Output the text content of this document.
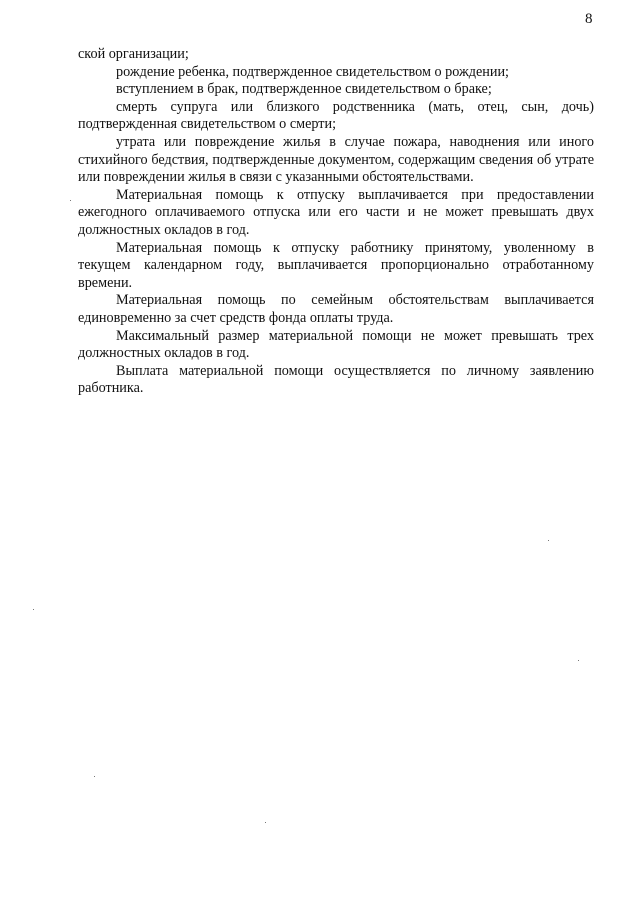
8

ской организации;

рождение ребенка, подтвержденное свидетельством о рождении;

вступлением в брак, подтвержденное свидетельством о браке;

смерть супруга или близкого родственника (мать, отец, сын, дочь) подтвержденная свидетельством о смерти;

утрата или повреждение жилья в случае пожара, наводнения или иного стихийного бедствия, подтвержденные документом, содержащим сведения об утрате или повреждении жилья в связи с указанными обстоятельствами.

Материальная помощь к отпуску выплачивается при предоставлении ежегодного оплачиваемого отпуска или его части и не может превышать двух должностных окладов в год.

Материальная помощь к отпуску работнику принятому, уволенному в текущем календарном году, выплачивается пропорционально отработанному времени.

Материальная помощь по семейным обстоятельствам выплачивается единовременно за счет средств фонда оплаты труда.

Максимальный размер материальной помощи не может превышать трех должностных окладов в год.

Выплата материальной помощи осуществляется по личному заявлению работника.
